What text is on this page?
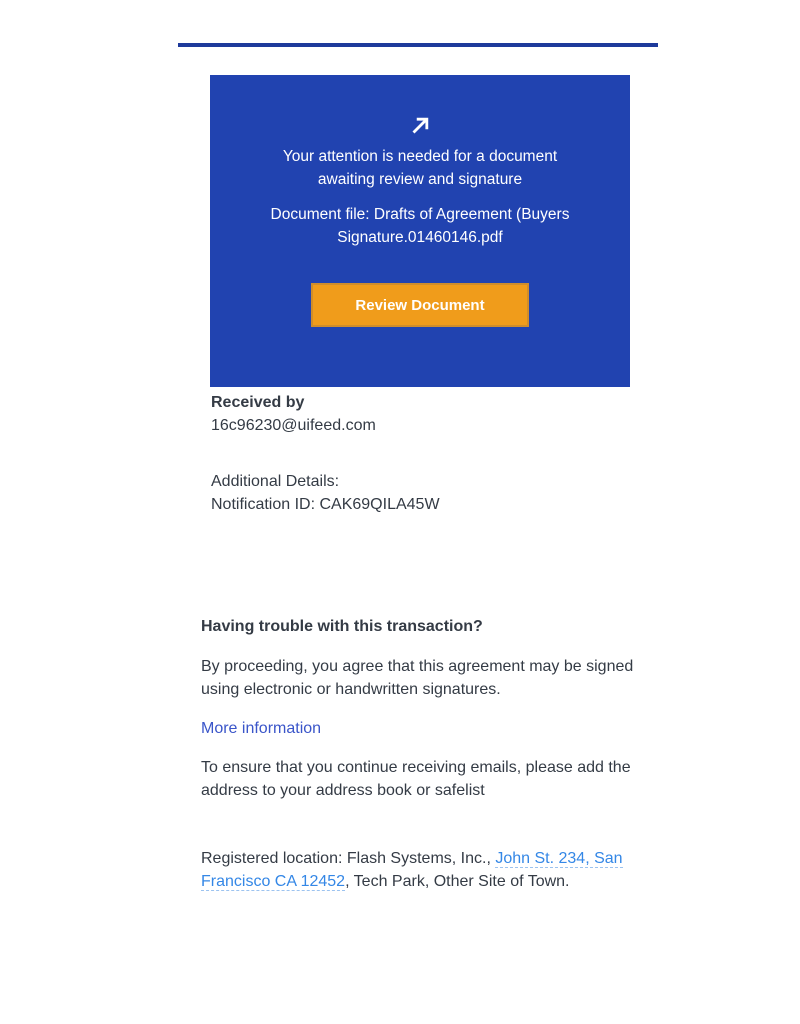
Your attention is needed for a document
awaiting review and signature
Document file: Drafts of Agreement (Buyers
Signature.01460146.pdf
Review Document
Received by
16c96230@uifeed.com
Additional Details:
Notification ID: CAK69QILA45W
Having trouble with this transaction?
By proceeding, you agree that this agreement may be signed
using electronic or handwritten signatures.
More information
To ensure that you continue receiving emails, please add the
address to your address book or safelist
Registered location: Flash Systems, Inc., John St. 234, San Francisco CA 12452, Tech Park, Other Site of Town.
